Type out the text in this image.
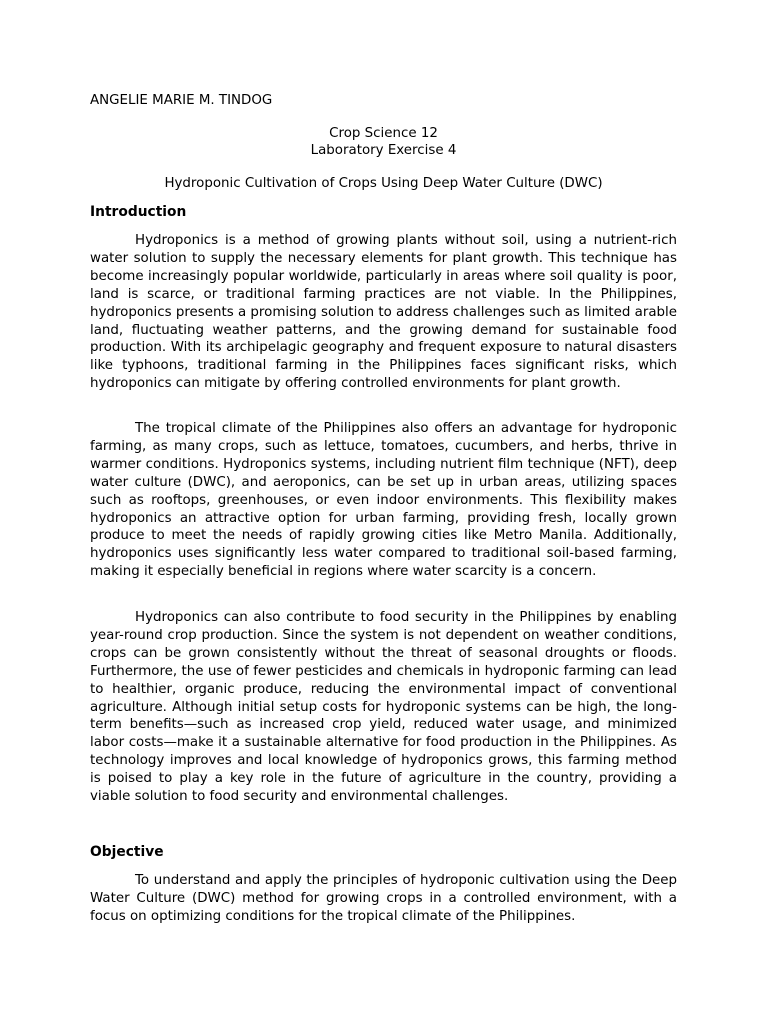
ANGELIE MARIE M. TINDOG
Crop Science 12
Laboratory Exercise 4
Hydroponic Cultivation of Crops Using Deep Water Culture (DWC)
Introduction

Hydroponics is a method of growing plants without soil, using a nutrient-rich water solution to supply the necessary elements for plant growth. This technique has become increasingly popular worldwide, particularly in areas where soil quality is poor, land is scarce, or traditional farming practices are not viable. In the Philippines, hydroponics presents a promising solution to address challenges such as limited arable land, fluctuating weather patterns, and the growing demand for sustainable food production. With its archipelagic geography and frequent exposure to natural disasters like typhoons, traditional farming in the Philippines faces significant risks, which hydroponics can mitigate by offering controlled environments for plant growth.

The tropical climate of the Philippines also offers an advantage for hydroponic farming, as many crops, such as lettuce, tomatoes, cucumbers, and herbs, thrive in warmer conditions. Hydroponics systems, including nutrient film technique (NFT), deep water culture (DWC), and aeroponics, can be set up in urban areas, utilizing spaces such as rooftops, greenhouses, or even indoor environments. This flexibility makes hydroponics an attractive option for urban farming, providing fresh, locally grown produce to meet the needs of rapidly growing cities like Metro Manila. Additionally, hydroponics uses significantly less water compared to traditional soil-based farming, making it especially beneficial in regions where water scarcity is a concern.

Hydroponics can also contribute to food security in the Philippines by enabling year-round crop production. Since the system is not dependent on weather conditions, crops can be grown consistently without the threat of seasonal droughts or floods. Furthermore, the use of fewer pesticides and chemicals in hydroponic farming can lead to healthier, organic produce, reducing the environmental impact of conventional agriculture. Although initial setup costs for hydroponic systems can be high, the long-term benefits—such as increased crop yield, reduced water usage, and minimized labor costs—make it a sustainable alternative for food production in the Philippines. As technology improves and local knowledge of hydroponics grows, this farming method is poised to play a key role in the future of agriculture in the country, providing a viable solution to food security and environmental challenges.

Objective

To understand and apply the principles of hydroponic cultivation using the Deep Water Culture (DWC) method for growing crops in a controlled environment, with a focus on optimizing conditions for the tropical climate of the Philippines.
